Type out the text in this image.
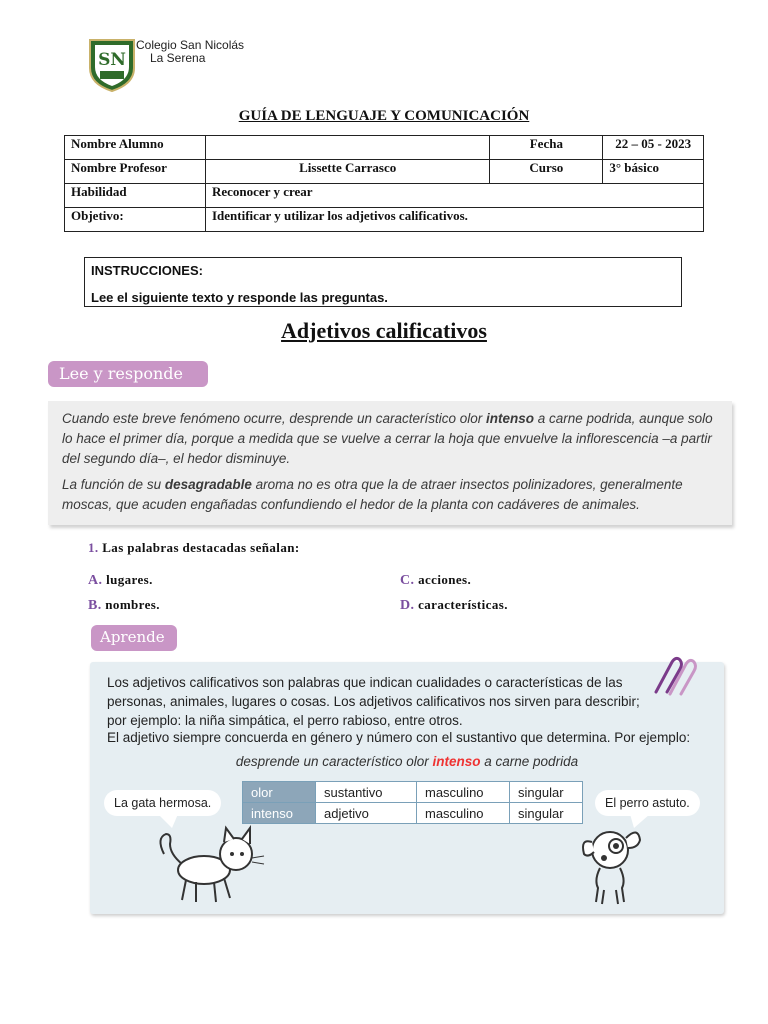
SN
Colegio San Nicolás
La Serena
GUÍA DE LENGUAJE Y COMUNICACIÓN
Nombre Alumno		Fecha	22 – 05 - 2023
Nombre Profesor	Lissette Carrasco	Curso	3° básico
Habilidad	Reconocer y crear		
Objetivo:	Identificar y utilizar los adjetivos calificativos.		
INSTRUCCIONES:
Lee el siguiente texto y responde las preguntas.
Adjetivos calificativos
Lee y responde

Cuando este breve fenómeno ocurre, desprende un característico olor intenso a carne podrida, aunque solo lo hace el primer día, porque a medida que se vuelve a cerrar la hoja que envuelve la inflorescencia –a partir del segundo día–, el hedor disminuye.

La función de su desagradable aroma no es otra que la de atraer insectos polinizadores, generalmente moscas, que acuden engañadas confundiendo el hedor de la planta con cadáveres de animales.

1. Las palabras destacadas señalan:
A. lugares.
B. nombres.
C. acciones.
D. características.
Aprende
Los adjetivos calificativos son palabras que indican cualidades o características de las personas, animales, lugares o cosas. Los adjetivos calificativos nos sirven para describir; por ejemplo: la niña simpática, el perro rabioso, entre otros.
El adjetivo siempre concuerda en género y número con el sustantivo que determina. Por ejemplo:
desprende un característico olor intenso a carne podrida
olor	sustantivo	masculino	singular
intenso	adjetivo	masculino	singular
La gata hermosa.	El perro astuto.
